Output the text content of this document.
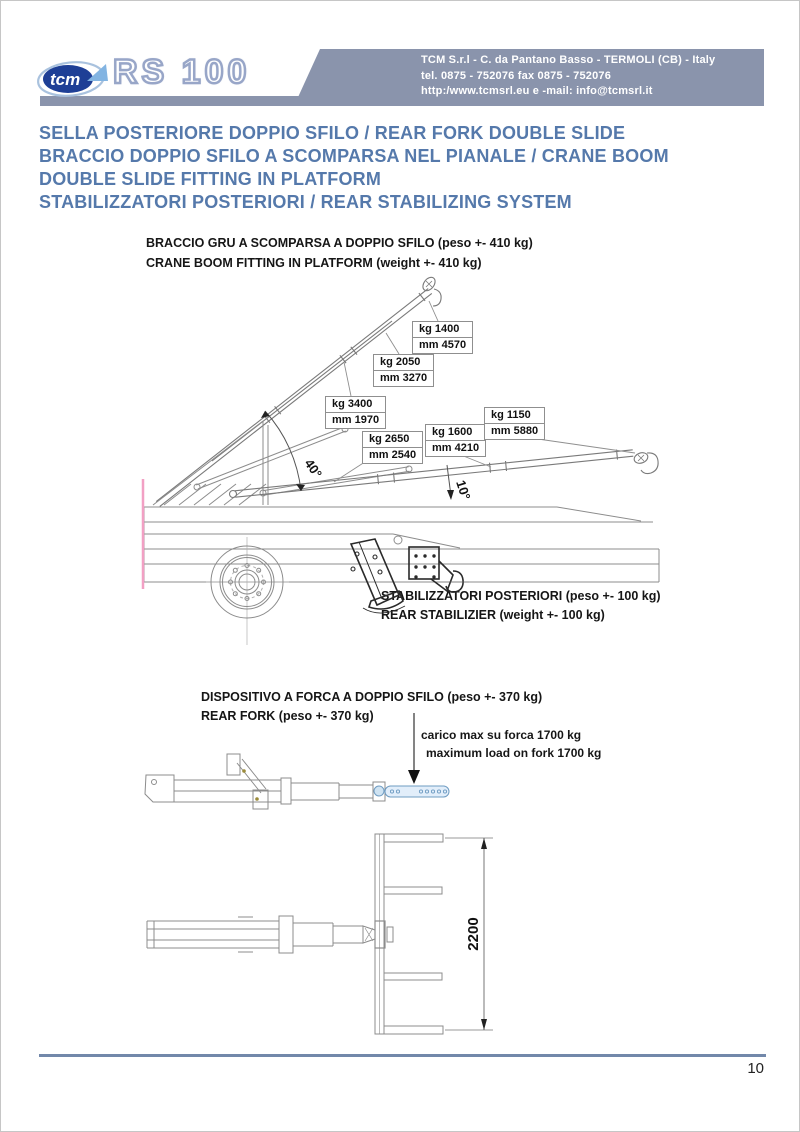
TCM S.r.l - C. da Pantano Basso - TERMOLI (CB) - Italy
tel. 0875 - 752076 fax 0875 - 752076
http:/www.tcmsrl.eu e -mail: info@tcmsrl.it
RS 100
SELLA POSTERIORE DOPPIO SFILO / REAR FORK DOUBLE SLIDE
BRACCIO DOPPIO SFILO A SCOMPARSA NEL PIANALE / CRANE BOOM
DOUBLE SLIDE FITTING IN PLATFORM
STABILIZZATORI POSTERIORI / REAR STABILIZING SYSTEM
BRACCIO GRU A SCOMPARSA A DOPPIO SFILO (peso +- 410 kg)
CRANE BOOM FITTING IN PLATFORM (weight +- 410 kg)
STABILIZZATORI POSTERIORI (peso +- 100 kg)
REAR STABILIZIER (weight +- 100 kg)
DISPOSITIVO A FORCA A DOPPIO SFILO (peso +- 370 kg)
REAR FORK (peso +- 370 kg)
carico max su forca 1700 kg
maximum load on fork 1700 kg
kg 1400
mm 4570
kg 2050
mm 3270
kg 3400
mm 1970
kg 2650
mm 2540
kg 1600
mm 4210
kg 1150
mm 5880
tcm
40°
10°
2200
10
